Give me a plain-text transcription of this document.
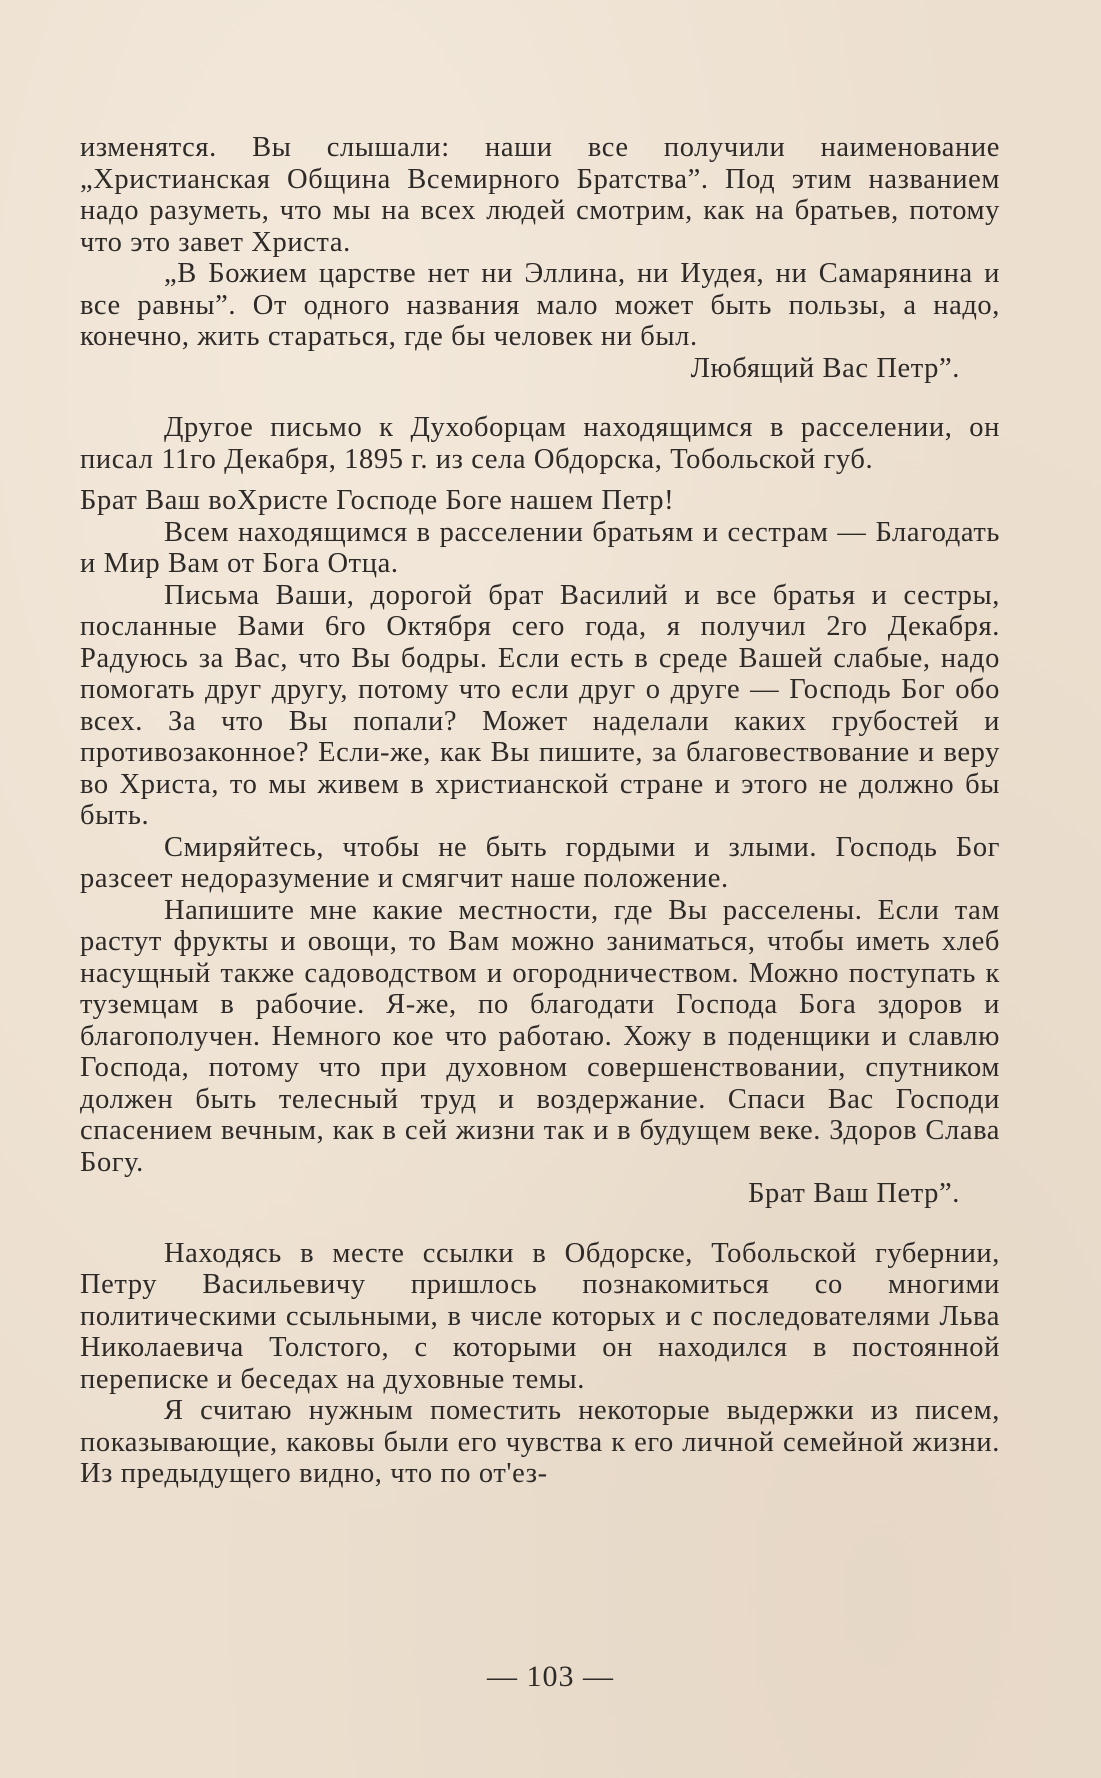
изменятся. Вы слышали: наши все получили наименование „Христианская Община Всемирного Братства”. Под этим названием надо разуметь, что мы на всех людей смотрим, как на братьев, потому что это завет Христа.

„В Божием царстве нет ни Эллина, ни Иудея, ни Самарянина и все равны”. От одного названия мало может быть пользы, а надо, конечно, жить стараться, где бы человек ни был.

Любящий Вас Петр”.

Другое письмо к Духоборцам находящимся в расселении, он писал 11го Декабря, 1895 г. из села Обдорска, Тобольской губ.

Брат Ваш воХристе Господе Боге нашем Петр!

Всем находящимся в расселении братьям и сестрам — Благодать и Мир Вам от Бога Отца.

Письма Ваши, дорогой брат Василий и все братья и сестры, посланные Вами 6го Октября сего года, я получил 2го Декабря. Радуюсь за Вас, что Вы бодры. Если есть в среде Вашей слабые, надо помогать друг другу, потому что если друг о друге — Господь Бог обо всех. За что Вы попали? Может наделали каких грубостей и противозаконное? Если-же, как Вы пишите, за благовествование и веру во Христа, то мы живем в христианской стране и этого не должно бы быть.

Смиряйтесь, чтобы не быть гордыми и злыми. Господь Бог разсеет недоразумение и смягчит наше положение.

Напишите мне какие местности, где Вы расселены. Если там растут фрукты и овощи, то Вам можно заниматься, чтобы иметь хлеб насущный также садоводством и огородничеством. Можно поступать к туземцам в рабочие. Я-же, по благодати Господа Бога здоров и благополучен. Немного кое что работаю. Хожу в поденщики и славлю Господа, потому что при духовном совершенствовании, спутником должен быть телесный труд и воздержание. Спаси Вас Господи спасением вечным, как в сей жизни так и в будущем веке. Здоров Слава Богу.

Брат Ваш Петр”.

Находясь в месте ссылки в Обдорске, Тобольской губернии, Петру Васильевичу пришлось познакомиться со многими политическими ссыльными, в числе которых и с последователями Льва Николаевича Толстого, с которыми он находился в постоянной переписке и беседах на духовные темы.

Я считаю нужным поместить некоторые выдержки из писем, показывающие, каковы были его чувства к его личной семейной жизни. Из предыдущего видно, что по от'ез-

— 103 —
